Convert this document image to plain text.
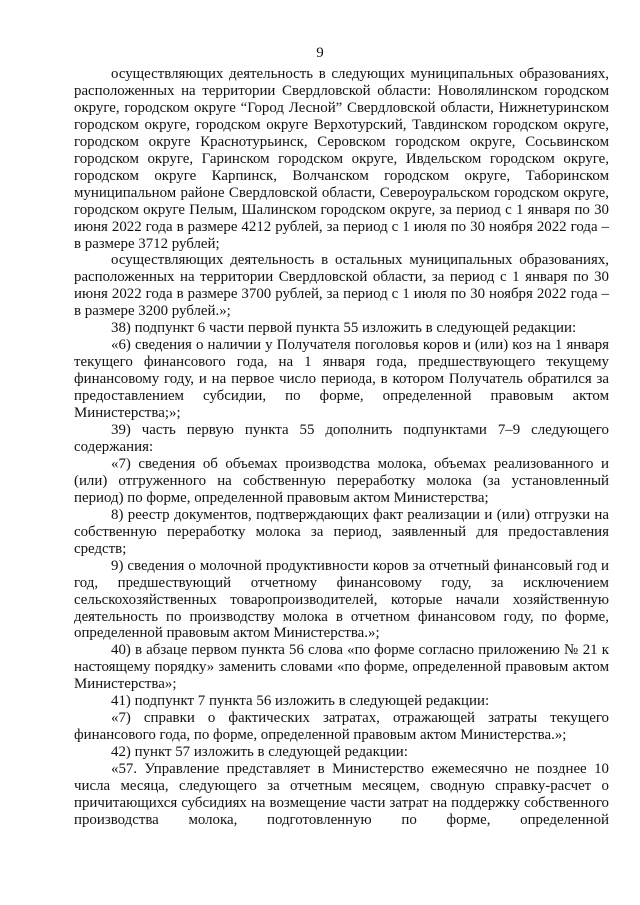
9

осуществляющих деятельность в следующих муниципальных образованиях, расположенных на территории Свердловской области: Новолялинском городском округе, городском округе “Город Лесной” Свердловской области, Нижнетуринском городском округе, городском округе Верхотурский, Тавдинском городском округе, городском округе Краснотурьинск, Серовском городском округе, Сосьвинском городском округе, Гаринском городском округе, Ивдельском городском округе, городском округе Карпинск, Волчанском городском округе, Таборинском муниципальном районе Свердловской области, Североуральском городском округе, городском округе Пелым, Шалинском городском округе, за период с 1 января по 30 июня 2022 года в размере 4212 рублей, за период с 1 июля по 30 ноября 2022 года – в размере 3712 рублей;

осуществляющих деятельность в остальных муниципальных образованиях, расположенных на территории Свердловской области, за период с 1 января по 30 июня 2022 года в размере 3700 рублей, за период с 1 июля по 30 ноября 2022 года – в размере 3200 рублей.»;

38) подпункт 6 части первой пункта 55 изложить в следующей редакции:

«6) сведения о наличии у Получателя поголовья коров и (или) коз на 1 января текущего финансового года, на 1 января года, предшествующего текущему финансовому году, и на первое число периода, в котором Получатель обратился за предоставлением субсидии, по форме, определенной правовым актом Министерства;»;

39) часть первую пункта 55 дополнить подпунктами 7–9 следующего содержания:

«7) сведения об объемах производства молока, объемах реализованного и (или) отгруженного на собственную переработку молока (за установленный период) по форме, определенной правовым актом Министерства;

8) реестр документов, подтверждающих факт реализации и (или) отгрузки на собственную переработку молока за период, заявленный для предоставления средств;

9) сведения о молочной продуктивности коров за отчетный финансовый год и год, предшествующий отчетному финансовому году, за исключением сельскохозяйственных товаропроизводителей, которые начали хозяйственную деятельность по производству молока в отчетном финансовом году, по форме, определенной правовым актом Министерства.»;

40) в абзаце первом пункта 56 слова «по форме согласно приложению № 21 к настоящему порядку» заменить словами «по форме, определенной правовым актом Министерства»;

41) подпункт 7 пункта 56 изложить в следующей редакции:

«7) справки о фактических затратах, отражающей затраты текущего финансового года, по форме, определенной правовым актом Министерства.»;

42) пункт 57 изложить в следующей редакции:

«57. Управление представляет в Министерство ежемесячно не позднее 10 числа месяца, следующего за отчетным месяцем, сводную справку-расчет о причитающихся субсидиях на возмещение части затрат на поддержку собственного производства молока, подготовленную по форме, определенной
